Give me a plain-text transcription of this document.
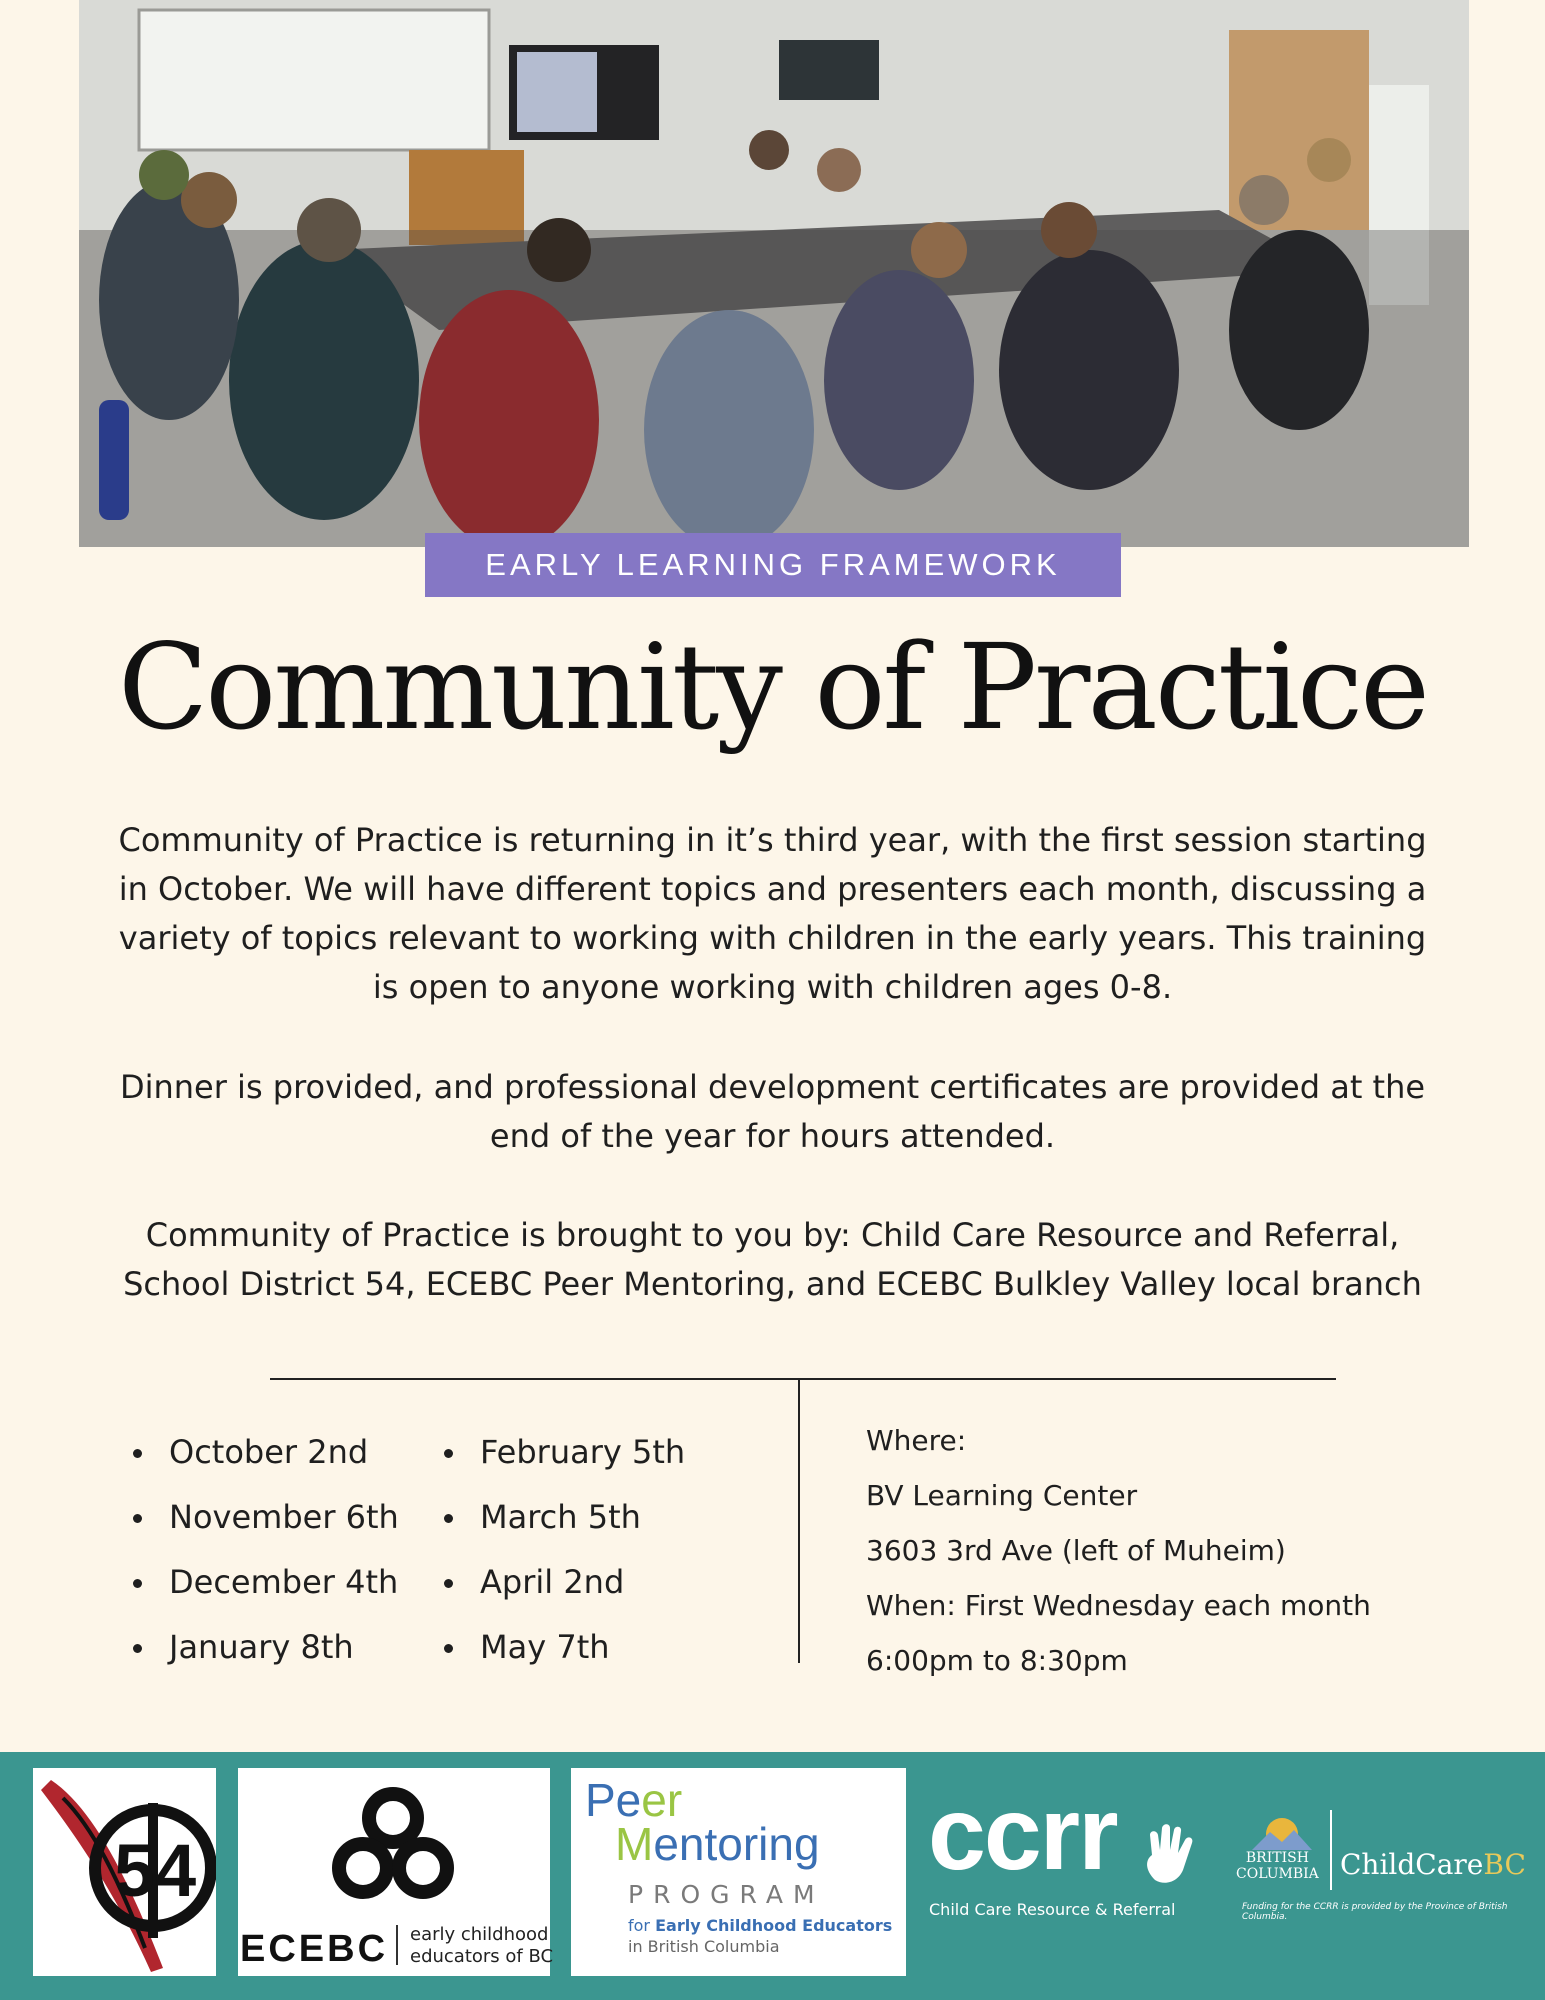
EARLY LEARNING FRAMEWORK
Community of Practice

Community of Practice is returning in it’s third year, with the first session starting in October. We will have different topics and presenters each month, discussing a variety of topics relevant to working with children in the early years. This training is open to anyone working with children ages 0-8.

Dinner is provided, and professional development certificates are provided at the end of the year for hours attended.

Community of Practice is brought to you by: Child Care Resource and Referral, School District 54, ECEBC Peer Mentoring, and ECEBC Bulkley Valley local branch

October 2nd
November 6th
December 4th
January 8th
February 5th
March 5th
April 2nd
May 7th
Where:
BV Learning Center
3603 3rd Ave (left of Muheim)
When: First Wednesday each month
6:00pm to 8:30pm
54
ECEBC early childhood
educators of BC
Peer
Mentoring
PROGRAM
for Early Childhood Educators
in British Columbia
ccrr
Child Care Resource & Referral
BRITISH
COLUMBIA ChildCareBC
Funding for the CCRR is provided by the Province of British Columbia.
